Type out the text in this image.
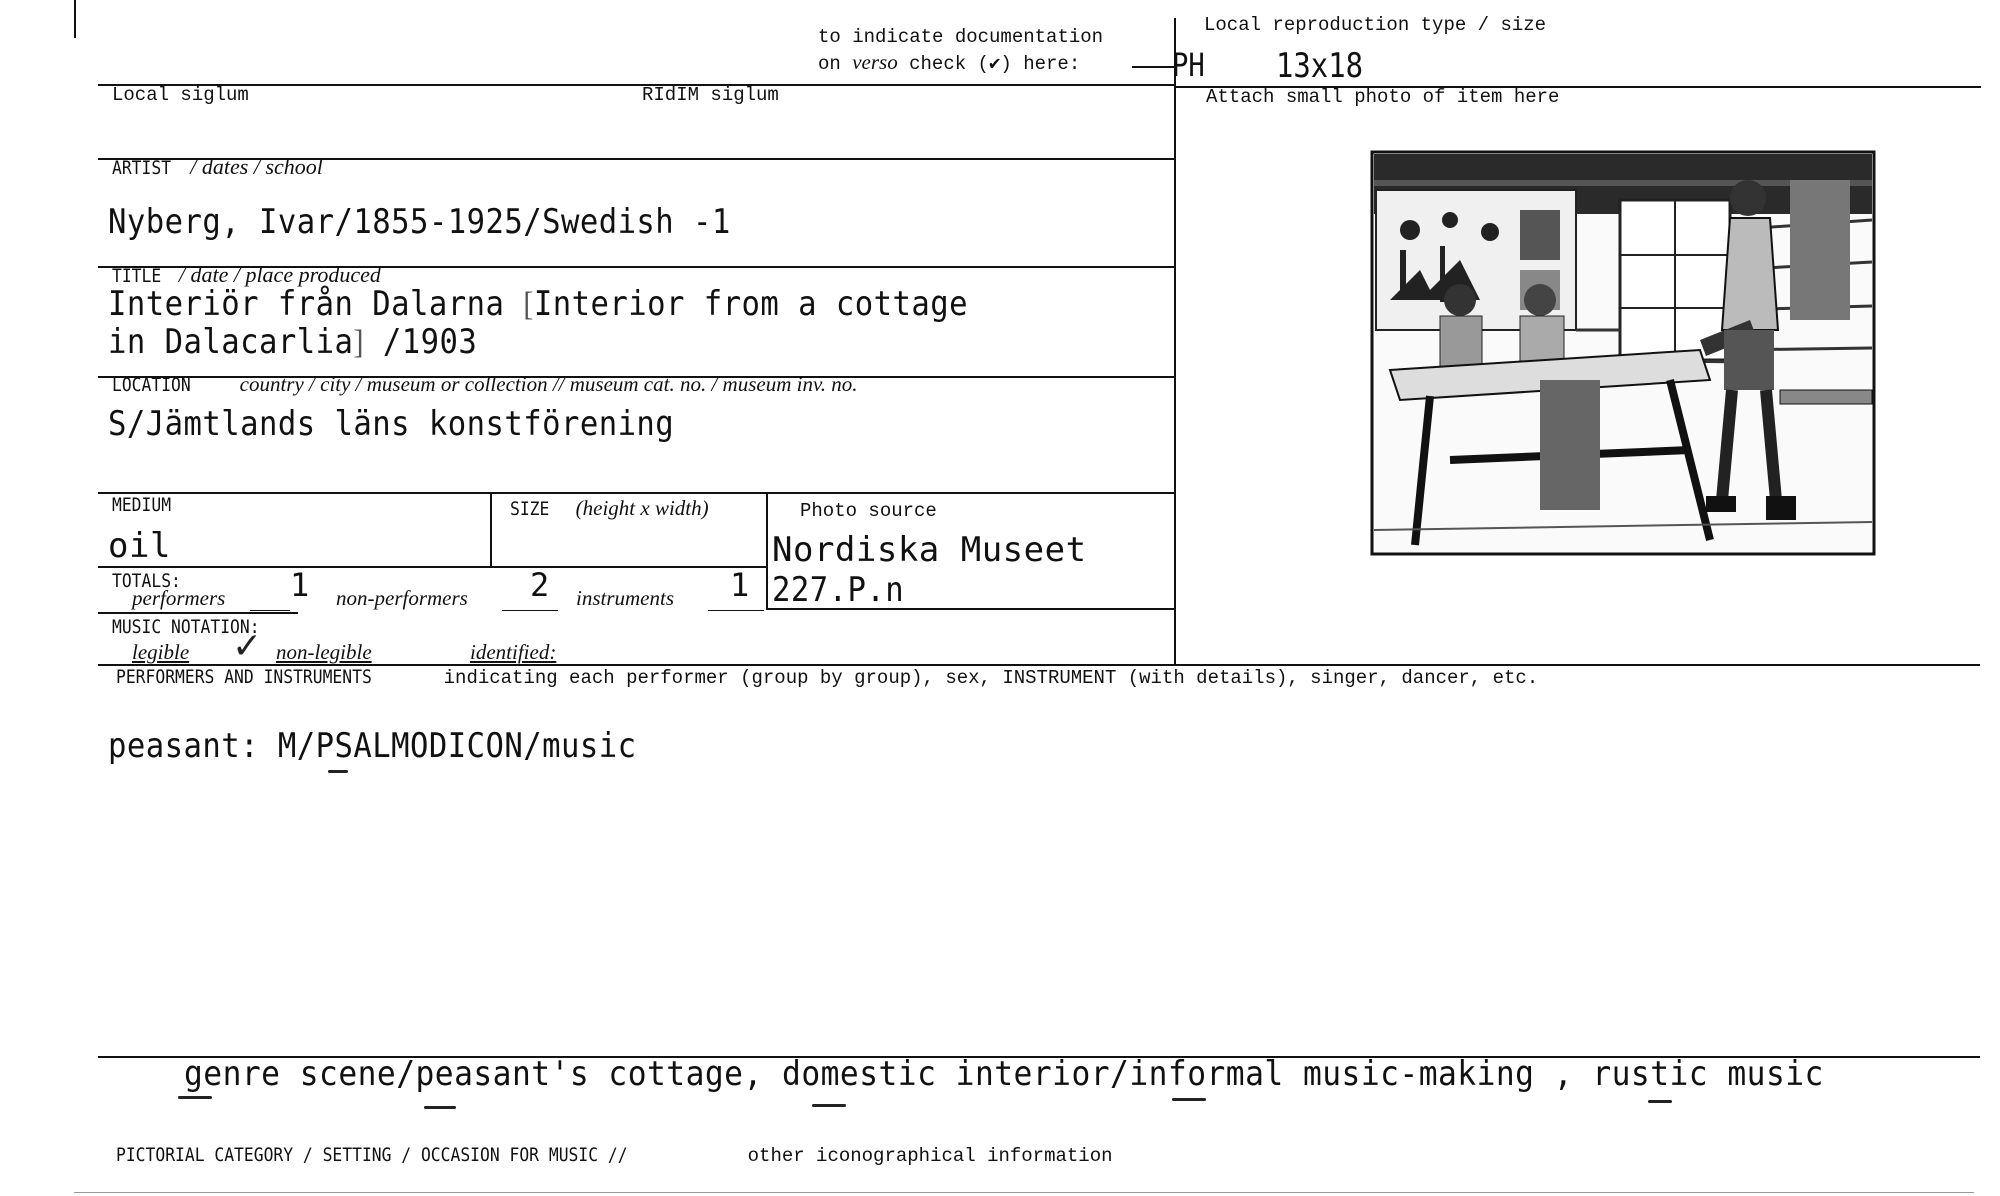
to indicate documentation
on verso check (✔) here:
Local reproduction type / size
PH 13x18
Local siglum	RIdIM siglum	Attach small photo of item here
ARTIST / dates / school
Nyberg, Ivar/1855-1925/Swedish -1
TITLE / date / place produced
Interiör från Dalarna [Interior from a cottage
in Dalacarlia] /1903
LOCATION country / city / museum or collection // museum cat. no. / museum inv. no.
S/Jämtlands läns konstförening
MEDIUM
oil
SIZE (height x width)	Photo source
Nordiska Museet
227.P.n
TOTALS:
performers 1 non-performers 2 instruments 1
MUSIC NOTATION:
legible ✓ non-legible	identified:
PERFORMERS AND INSTRUMENTS	indicating each performer (group by group), sex, INSTRUMENT (with details), singer, dancer, etc.
peasant: M/PSALMODICON/music
genre scene/peasant's cottage, domestic interior/informal music-making , rustic music
PICTORIAL CATEGORY / SETTING / OCCASION FOR MUSIC //	other iconographical information
